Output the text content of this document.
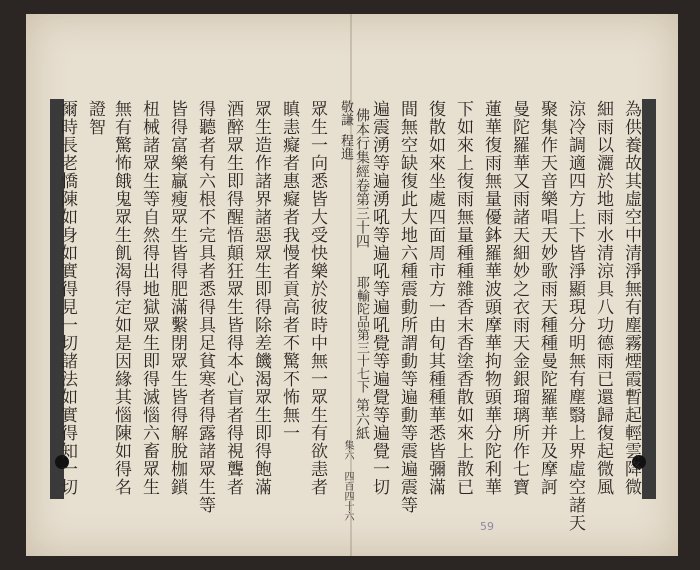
為供養故其虛空中清淨無有塵霧煙霞暫起輕雲降微
細雨以灑於地雨水清涼具八功德雨已還歸復起微風
涼冷調適四方上下皆淨顯現分明無有塵翳上界虛空諸天
聚集作天音樂唱天妙歌雨天種種曼陀羅華并及摩訶
曼陀羅華又雨諸天細妙之衣雨天金銀瑠璃所作七寶
蓮華復雨無量優鉢羅華波頭摩華拘物頭華分陀利華
下如來上復雨無量種種雜香末香塗香散如來上散已
復散如來坐處四面周市方一由旬其種種華悉皆彌滿
間無空缺復此大地六種震動所謂動等遍動等震遍震等
遍震湧等遍湧吼等遍吼等遍吼覺等遍覺等遍覺一切
敬謙
程進 佛本行集經卷第三十四
耶輸陀品第三十七下
第六紙
集六 四百四十六
眾生一向悉皆大受快樂於彼時中無一眾生有欲恚者
瞋恚癡者惠癡者我慢者貢高者不驚不怖無一
眾生造作諸界諸惡眾生即得除差饑渴眾生即得飽滿
酒醉眾生即得醒悟顛狂眾生皆得本心盲者得視聾者
得聽者有六根不完具者悉得具足貧寒者得露諸眾生等
皆得富樂贏瘦眾生皆得肥滿繫閉眾生皆得解脫枷鎖
杻械諸眾生等自然得出地獄眾生即得滅惱六畜眾生
無有驚怖餓鬼眾生飢渴得定如是因緣其惱陳如得名
證智
爾時長老憍陳如身如實得見一切諸法如實得知一切
59
